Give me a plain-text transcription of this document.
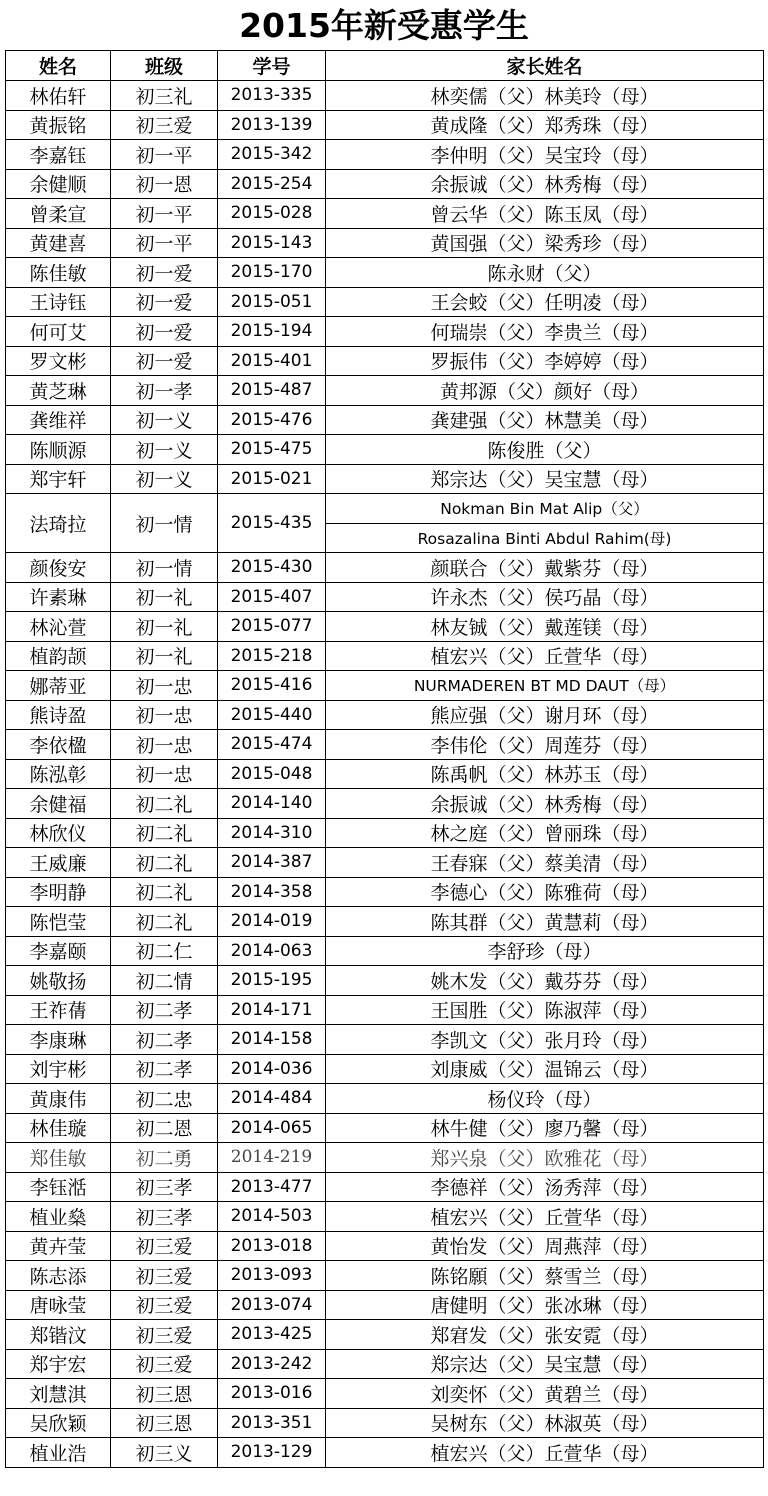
2015年新受惠学生
姓名	班级	学号	家长姓名
林佑轩	初三礼	2013-335	林奕儒（父）林美玲（母）
黄振铭	初三爱	2013-139	黄成隆（父）郑秀珠（母）
李嘉钰	初一平	2015-342	李仲明（父）吴宝玲（母）
余健顺	初一恩	2015-254	余振诚（父）林秀梅（母）
曾柔宣	初一平	2015-028	曾云华（父）陈玉凤（母）
黄建喜	初一平	2015-143	黄国强（父）梁秀珍（母）
陈佳敏	初一爱	2015-170	陈永财（父）
王诗钰	初一爱	2015-051	王会蛟（父）任明凌（母）
何可艾	初一爱	2015-194	何瑞崇（父）李贵兰（母）
罗文彬	初一爱	2015-401	罗振伟（父）李婷婷（母）
黄芝琳	初一孝	2015-487	黄邦源（父）颜好（母）
龚维祥	初一义	2015-476	龚建强（父）林慧美（母）
陈顺源	初一义	2015-475	陈俊胜（父）
郑宇轩	初一义	2015-021	郑宗达（父）吴宝慧（母）
法琦拉	初一情	2015-435	Nokman Bin Mat Alip（父）
			Rosazalina Binti Abdul Rahim(母)
颜俊安	初一情	2015-430	颜联合（父）戴紫芬（母）
许素琳	初一礼	2015-407	许永杰（父）侯巧晶（母）
林沁萱	初一礼	2015-077	林友铖（父）戴莲镁（母）
植韵颉	初一礼	2015-218	植宏兴（父）丘萱华（母）
娜蒂亚	初一忠	2015-416	NURMADEREN BT MD DAUT（母）
熊诗盈	初一忠	2015-440	熊应强（父）谢月环（母）
李依楹	初一忠	2015-474	李伟伦（父）周莲芬（母）
陈泓彰	初一忠	2015-048	陈禹帆（父）林苏玉（母）
余健福	初二礼	2014-140	余振诚（父）林秀梅（母）
林欣仪	初二礼	2014-310	林之庭（父）曾丽珠（母）
王威廉	初二礼	2014-387	王春寐（父）蔡美清（母）
李明静	初二礼	2014-358	李德心（父）陈雅荷（母）
陈恺莹	初二礼	2014-019	陈其群（父）黄慧莉（母）
李嘉颐	初二仁	2014-063	李舒珍（母）
姚敬扬	初二情	2015-195	姚木发（父）戴芬芬（母）
王祚蒨	初二孝	2014-171	王国胜（父）陈淑萍（母）
李康琳	初二孝	2014-158	李凯文（父）张月玲（母）
刘宇彬	初二孝	2014-036	刘康威（父）温锦云（母）
黄康伟	初二忠	2014-484	杨仪玲（母）
林佳璇	初二恩	2014-065	林牛健（父）廖乃馨（母）
郑佳敏	初二勇	2014-219	郑兴泉（父）欧雅花（母）
李钰湉	初三孝	2013-477	李德祥（父）汤秀萍（母）
植业燊	初三孝	2014-503	植宏兴（父）丘萱华（母）
黄卉莹	初三爱	2013-018	黄怡发（父）周燕萍（母）
陈志添	初三爱	2013-093	陈铭願（父）蔡雪兰（母）
唐咏莹	初三爱	2013-074	唐健明（父）张冰琳（母）
郑锴汶	初三爱	2013-425	郑宭发（父）张安霓（母）
郑宇宏	初三爱	2013-242	郑宗达（父）吴宝慧（母）
刘慧淇	初三恩	2013-016	刘奕怀（父）黄碧兰（母）
吴欣颖	初三恩	2013-351	吴树东（父）林淑英（母）
植业浩	初三义	2013-129	植宏兴（父）丘萱华（母）
